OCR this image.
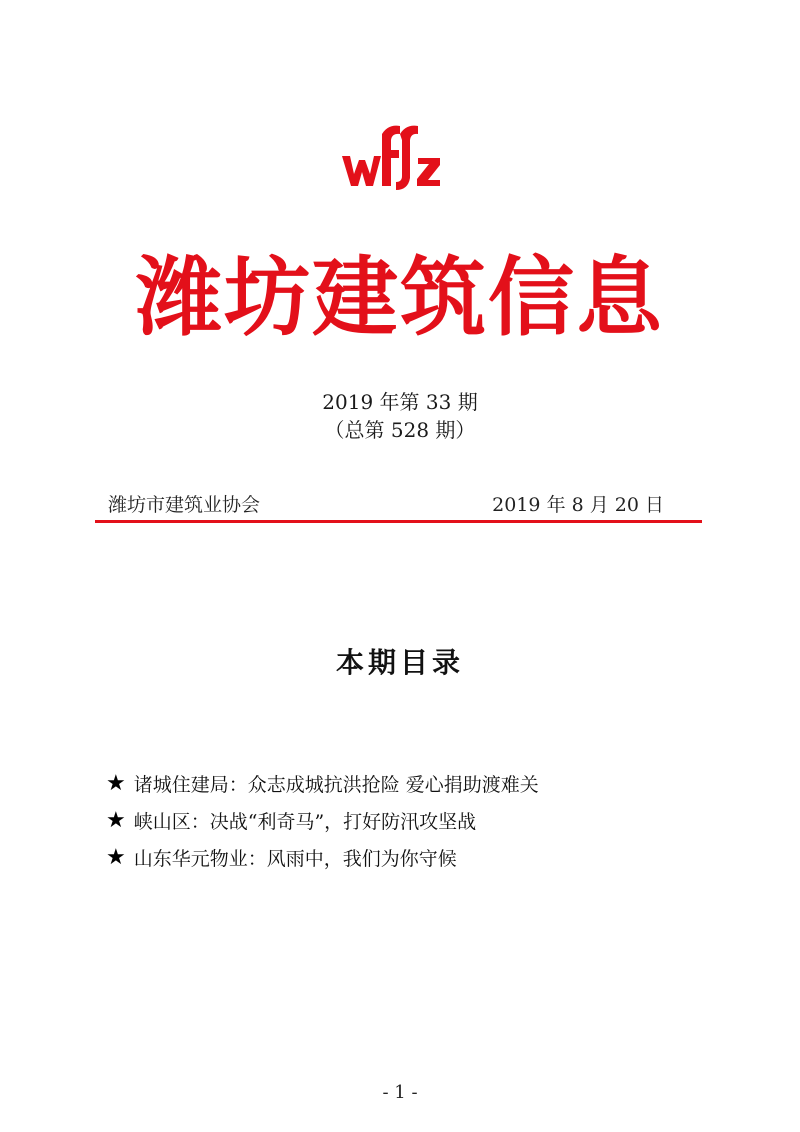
潍坊建筑信息
2019 年第 33 期
（总第 528 期）
潍坊市建筑业协会	2019 年 8 月 20 日
本期目录
★ 诸城住建局：众志成城抗洪抢险 爱心捐助渡难关
★ 峡山区：决战“利奇马”，打好防汛攻坚战
★ 山东华元物业：风雨中，我们为你守候
- 1 -
